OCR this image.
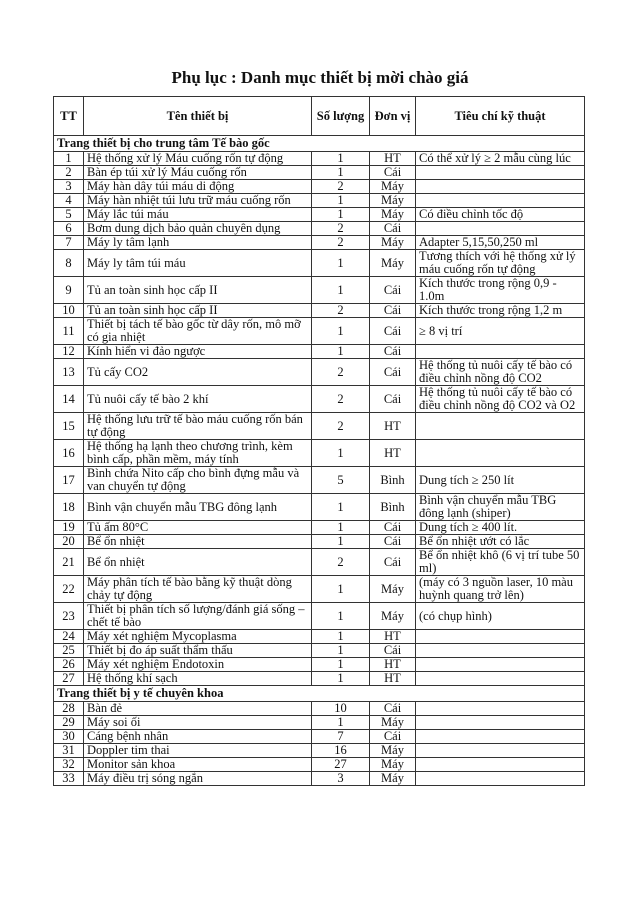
Phụ lục : Danh mục thiết bị mời chào giá
TT	Tên thiết bị	Số lượng	Đơn vị	Tiêu chí kỹ thuật
Trang thiết bị cho trung tâm Tế bào gốc				
1	Hệ thống xử lý Máu cuống rốn tự động	1	HT	Có thể xử lý ≥ 2 mẫu cùng lúc
2	Bàn ép túi xử lý Máu cuống rốn	1	Cái	
3	Máy hàn dây túi máu di động	2	Máy	
4	Máy hàn nhiệt túi lưu trữ máu cuống rốn	1	Máy	
5	Máy lắc túi máu	1	Máy	Có điều chỉnh tốc độ
6	Bơm dung dịch bảo quản chuyên dụng	2	Cái	
7	Máy ly tâm lạnh	2	Máy	Adapter 5,15,50,250 ml
8	Máy ly tâm túi máu	1	Máy	Tương thích với hệ thống xử lý máu cuống rốn tự động
9	Tủ an toàn sinh học cấp II	1	Cái	Kích thước trong rộng 0,9 - 1.0m
10	Tủ an toàn sinh học cấp II	2	Cái	Kích thước trong rộng 1,2 m
11	Thiết bị tách tế bào gốc từ dây rốn, mô mỡ có gia nhiệt	1	Cái	≥ 8 vị trí
12	Kính hiển vi đảo ngược	1	Cái	
13	Tủ cấy CO2	2	Cái	Hệ thống tủ nuôi cấy tế bào có điều chỉnh nồng độ CO2
14	Tủ nuôi cấy tế bào 2 khí	2	Cái	Hệ thống tủ nuôi cấy tế bào có điều chỉnh nồng độ CO2 và O2
15	Hệ thống lưu trữ tế bào máu cuống rốn bán tự động	2	HT	
16	Hệ thống hạ lạnh theo chương trình, kèm bình cấp, phần mềm, máy tính	1	HT	
17	Bình chứa Nito cấp cho bình đựng mẫu và van chuyển tự động	5	Bình	Dung tích ≥ 250 lít
18	Bình vận chuyển mẫu TBG đông lạnh	1	Bình	Bình vận chuyển mẫu TBG đông lạnh (shiper)
19	Tủ ấm 80°C	1	Cái	Dung tích ≥ 400 lít.
20	Bể ổn nhiệt	1	Cái	Bể ổn nhiệt ướt có lắc
21	Bể ổn nhiệt	2	Cái	Bể ổn nhiệt khô (6 vị trí tube 50 ml)
22	Máy phân tích tế bào bằng kỹ thuật dòng chảy tự động	1	Máy	(máy có 3 nguồn laser, 10 màu huỳnh quang trở lên)
23	Thiết bị phân tích số lượng/đánh giá sống – chết tế bào	1	Máy	(có chụp hình)
24	Máy xét nghiệm Mycoplasma	1	HT	
25	Thiết bị đo áp suất thẩm thấu	1	Cái	
26	Máy xét nghiệm Endotoxin	1	HT	
27	Hệ thống khí sạch	1	HT	
Trang thiết bị y tế chuyên khoa				
28	Bàn đẻ	10	Cái	
29	Máy soi ối	1	Máy	
30	Cáng bệnh nhân	7	Cái	
31	Doppler tim thai	16	Máy	
32	Monitor sản khoa	27	Máy	
33	Máy điều trị sóng ngắn	3	Máy	
